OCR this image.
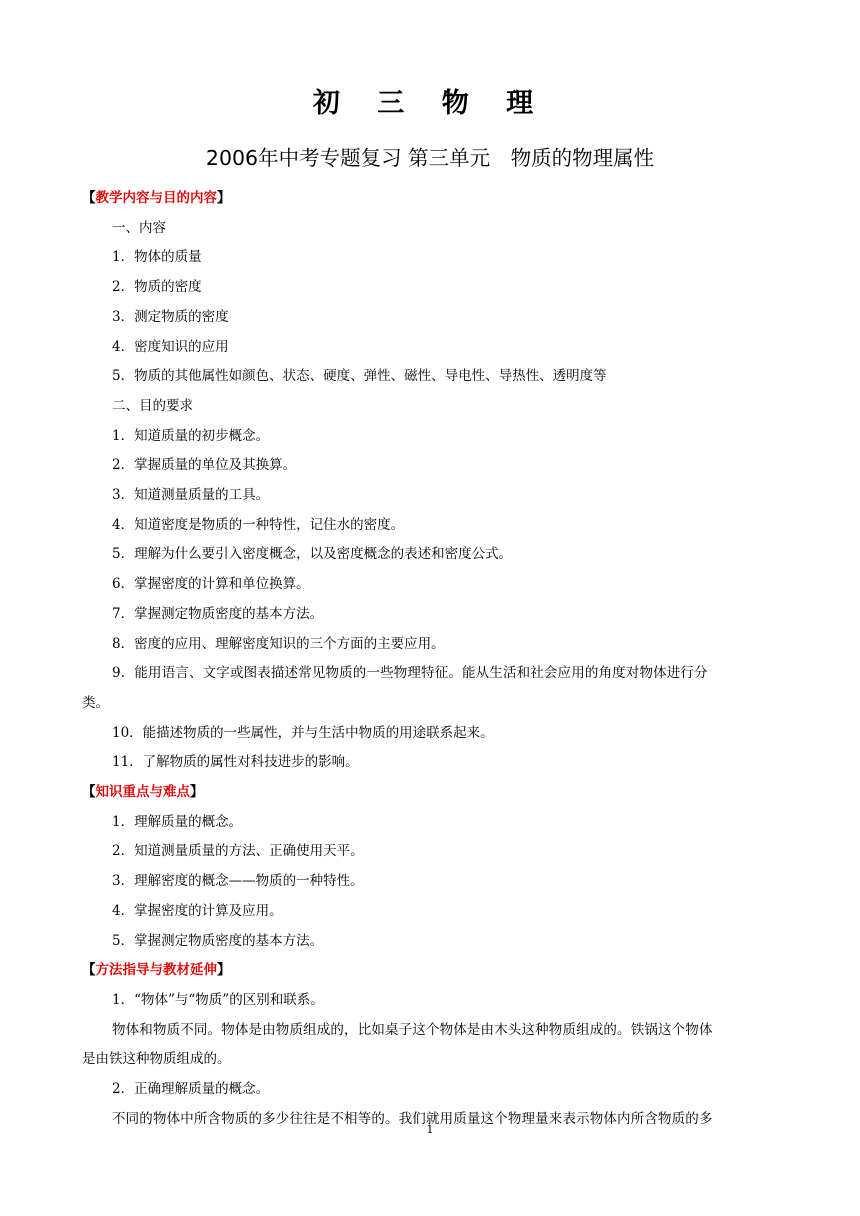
初 三 物 理
2006年中考专题复习 第三单元　物质的物理属性
【教学内容与目的内容】
一、内容
1．物体的质量
2．物质的密度
3．测定物质的密度
4．密度知识的应用
5．物质的其他属性如颜色、状态、硬度、弹性、磁性、导电性、导热性、透明度等
二、目的要求
1．知道质量的初步概念。
2．掌握质量的单位及其换算。
3．知道测量质量的工具。
4．知道密度是物质的一种特性，记住水的密度。
5．理解为什么要引入密度概念，以及密度概念的表述和密度公式。
6．掌握密度的计算和单位换算。
7．掌握测定物质密度的基本方法。
8．密度的应用、理解密度知识的三个方面的主要应用。
9．能用语言、文字或图表描述常见物质的一些物理特征。能从生活和社会应用的角度对物体进行分
类。
10．能描述物质的一些属性，并与生活中物质的用途联系起来。
11．了解物质的属性对科技进步的影响。
【知识重点与难点】
1．理解质量的概念。
2．知道测量质量的方法、正确使用天平。
3．理解密度的概念——物质的一种特性。
4．掌握密度的计算及应用。
5．掌握测定物质密度的基本方法。
【方法指导与教材延伸】
1．“物体”与“物质”的区别和联系。
物体和物质不同。物体是由物质组成的，比如桌子这个物体是由木头这种物质组成的。铁锅这个物体
是由铁这种物质组成的。
2．正确理解质量的概念。
不同的物体中所含物质的多少往往是不相等的。我们就用质量这个物理量来表示物体内所含物质的多
1
